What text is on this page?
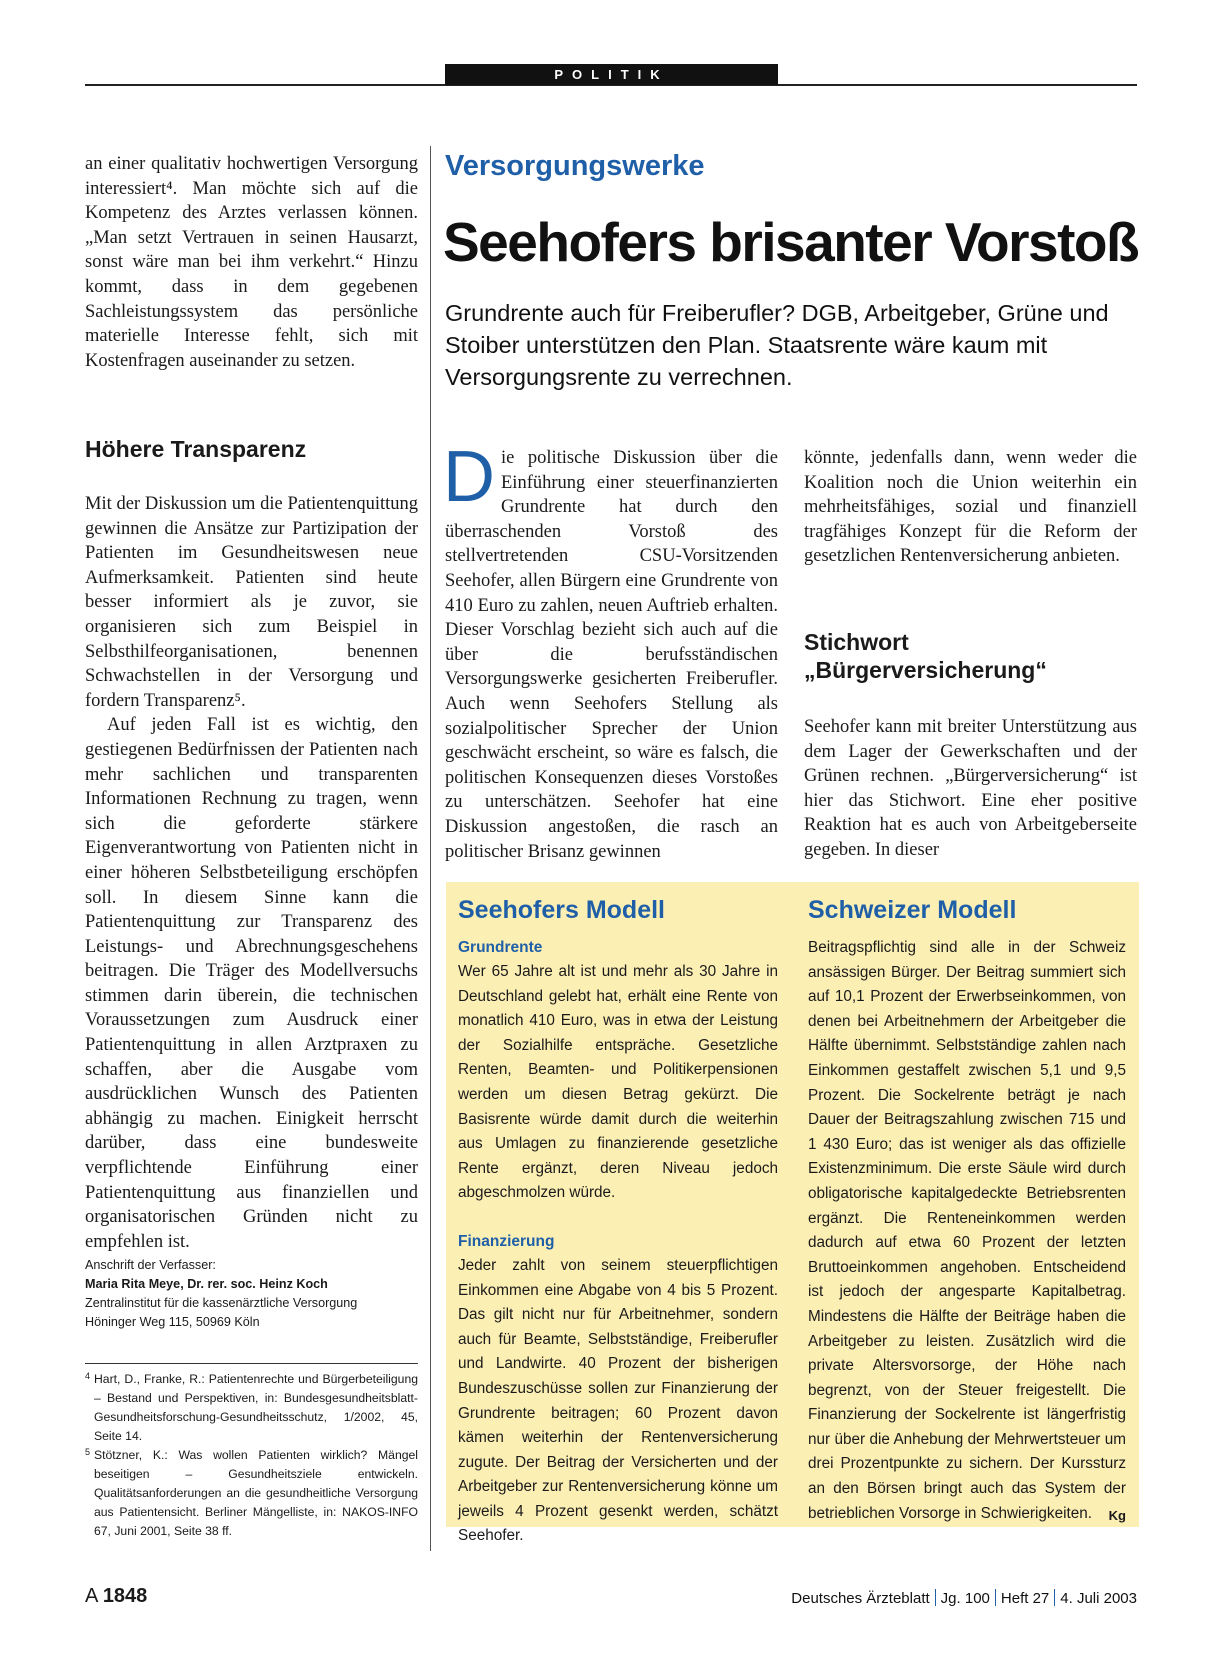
POLITIK
an einer qualitativ hochwertigen Versorgung interessiert⁴. Man möchte sich auf die Kompetenz des Arztes verlassen können. „Man setzt Vertrauen in seinen Hausarzt, sonst wäre man bei ihm verkehrt.“ Hinzu kommt, dass in dem gegebenen Sachleistungssystem das persönliche materielle Interesse fehlt, sich mit Kostenfragen auseinander zu setzen.
Höhere Transparenz

Mit der Diskussion um die Patientenquittung gewinnen die Ansätze zur Partizipation der Patienten im Gesundheitswesen neue Aufmerksamkeit. Patienten sind heute besser informiert als je zuvor, sie organisieren sich zum Beispiel in Selbsthilfeorganisationen, benennen Schwachstellen in der Versorgung und fordern Transparenz⁵.

Auf jeden Fall ist es wichtig, den gestiegenen Bedürfnissen der Patienten nach mehr sachlichen und transparenten Informationen Rechnung zu tragen, wenn sich die geforderte stärkere Eigenverantwortung von Patienten nicht in einer höheren Selbstbeteiligung erschöpfen soll. In diesem Sinne kann die Patientenquittung zur Transparenz des Leistungs- und Abrechnungsgeschehens beitragen. Die Träger des Modellversuchs stimmen darin überein, die technischen Voraussetzungen zum Ausdruck einer Patientenquittung in allen Arztpraxen zu schaffen, aber die Ausgabe vom ausdrücklichen Wunsch des Patienten abhängig zu machen. Einigkeit herrscht darüber, dass eine bundesweite verpflichtende Einführung einer Patientenquittung aus finanziellen und organisatorischen Gründen nicht zu empfehlen ist.

Anschrift der Verfasser:
Maria Rita Meye, Dr. rer. soc. Heinz Koch
Zentralinstitut für die kassenärztliche Versorgung
Höninger Weg 115, 50969 Köln
4 Hart, D., Franke, R.: Patientenrechte und Bürgerbeteiligung – Bestand und Perspektiven, in: Bundesgesundheitsblatt-Gesundheitsforschung-Gesundheitsschutz, 1/2002, 45, Seite 14.
5 Stötzner, K.: Was wollen Patienten wirklich? Mängel beseitigen – Gesundheitsziele entwickeln. Qualitätsanforderungen an die gesundheitliche Versorgung aus Patientensicht. Berliner Mängelliste, in: NAKOS-INFO 67, Juni 2001, Seite 38 ff.
Versorgungswerke
Seehofers brisanter Vorstoß
Grundrente auch für Freiberufler? DGB, Arbeitgeber, Grüne und Stoiber unterstützen den Plan. Staatsrente wäre kaum mit Versorgungsrente zu verrechnen.
D ie politische Diskussion über die Einführung einer steuerfinanzierten Grundrente hat durch den überraschenden Vorstoß des stellvertretenden CSU-Vorsitzenden Seehofer, allen Bürgern eine Grundrente von 410 Euro zu zahlen, neuen Auftrieb erhalten. Dieser Vorschlag bezieht sich auch auf die über die berufsständischen Versorgungswerke gesicherten Freiberufler. Auch wenn Seehofers Stellung als sozialpolitischer Sprecher der Union geschwächt erscheint, so wäre es falsch, die politischen Konsequenzen dieses Vorstoßes zu unterschätzen. Seehofer hat eine Diskussion angestoßen, die rasch an politischer Brisanz gewinnen
könnte, jedenfalls dann, wenn weder die Koalition noch die Union weiterhin ein mehrheitsfähiges, sozial und finanziell tragfähiges Konzept für die Reform der gesetzlichen Rentenversicherung anbieten.
Stichwort
„Bürgerversicherung“
Seehofer kann mit breiter Unterstützung aus dem Lager der Gewerkschaften und der Grünen rechnen. „Bürgerversicherung“ ist hier das Stichwort. Eine eher positive Reaktion hat es auch von Arbeitgeberseite gegeben. In dieser
Seehofers Modell
Grundrente
Wer 65 Jahre alt ist und mehr als 30 Jahre in Deutschland gelebt hat, erhält eine Rente von monatlich 410 Euro, was in etwa der Leistung der Sozialhilfe entspräche. Gesetzliche Renten, Beamten- und Politikerpensionen werden um diesen Betrag gekürzt. Die Basisrente würde damit durch die weiterhin aus Umlagen zu finanzierende gesetzliche Rente ergänzt, deren Niveau jedoch abgeschmolzen würde.
Finanzierung
Jeder zahlt von seinem steuerpflichtigen Einkommen eine Abgabe von 4 bis 5 Prozent. Das gilt nicht nur für Arbeitnehmer, sondern auch für Beamte, Selbstständige, Freiberufler und Landwirte. 40 Prozent der bisherigen Bundeszuschüsse sollen zur Finanzierung der Grundrente beitragen; 60 Prozent davon kämen weiterhin der Rentenversicherung zugute. Der Beitrag der Versicherten und der Arbeitgeber zur Rentenversicherung könne um jeweils 4 Prozent gesenkt werden, schätzt Seehofer.
Schweizer Modell
Beitragspflichtig sind alle in der Schweiz ansässigen Bürger. Der Beitrag summiert sich auf 10,1 Prozent der Erwerbseinkommen, von denen bei Arbeitnehmern der Arbeitgeber die Hälfte übernimmt. Selbstständige zahlen nach Einkommen gestaffelt zwischen 5,1 und 9,5 Prozent. Die Sockelrente beträgt je nach Dauer der Beitragszahlung zwischen 715 und 1 430 Euro; das ist weniger als das offizielle Existenzminimum. Die erste Säule wird durch obligatorische kapitalgedeckte Betriebsrenten ergänzt. Die Renteneinkommen werden dadurch auf etwa 60 Prozent der letzten Bruttoeinkommen angehoben. Entscheidend ist jedoch der angesparte Kapitalbetrag. Mindestens die Hälfte der Beiträge haben die Arbeitgeber zu leisten. Zusätzlich wird die private Altersvorsorge, der Höhe nach begrenzt, von der Steuer freigestellt. Die Finanzierung der Sockelrente ist längerfristig nur über die Anhebung der Mehrwertsteuer um drei Prozentpunkte zu sichern. Der Kurssturz an den Börsen bringt auch das System der betrieblichen Vorsorge in Schwierigkeiten. Kg
A 1848	Deutsches Ärzteblatt Jg. 100 Heft 27 4. Juli 2003
